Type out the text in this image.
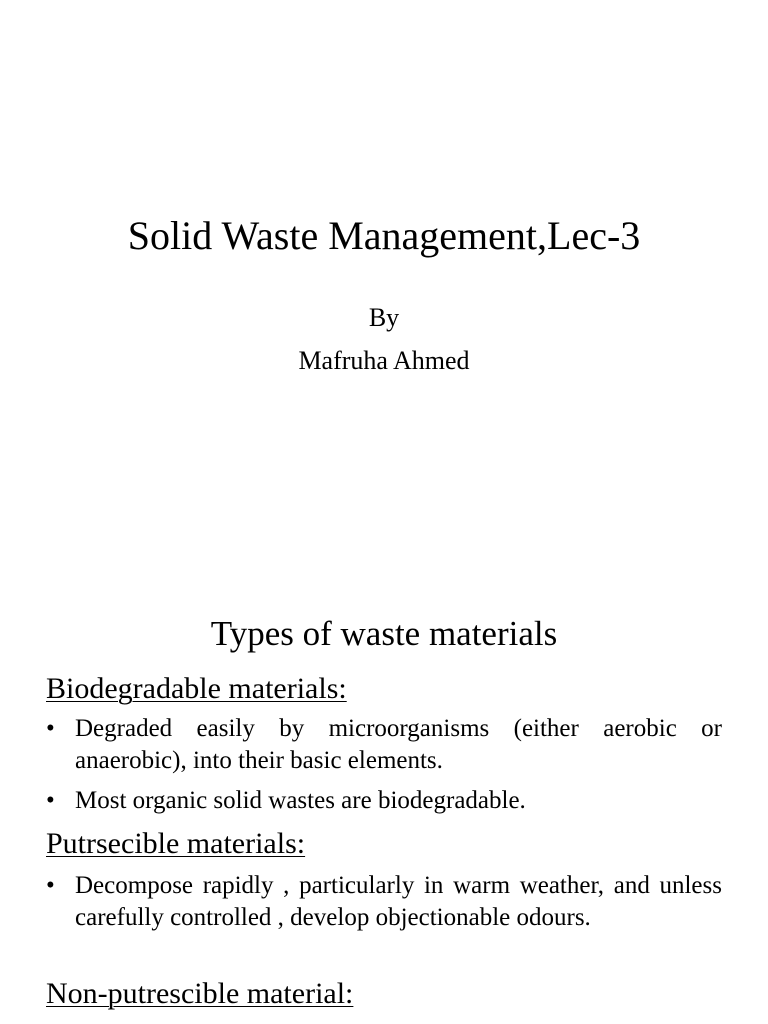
Solid Waste Management,Lec-3
By
Mafruha Ahmed
Types of waste materials
Biodegradable materials:
• Degraded easily by microorganisms (either aerobic or anaerobic), into their basic elements.
• Most organic solid wastes are biodegradable.
Putrsecible materials:
• Decompose rapidly , particularly in warm weather, and unless carefully controlled , develop objectionable odours.
Non-putrescible material:
